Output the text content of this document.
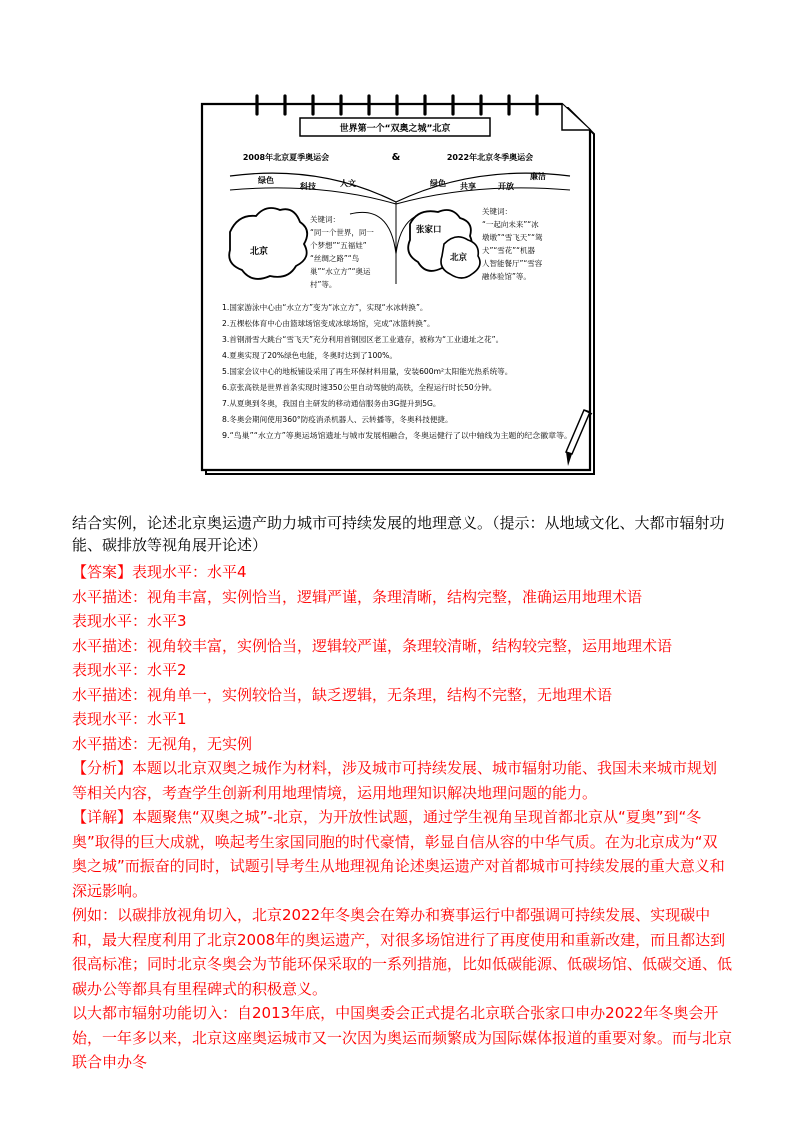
世界第一个“双奥之城”北京
2008年北京夏季奥运会	&	2022年北京冬季奥运会
绿色
科技	人文	绿色 共享	开放
廉洁
北京
关键词：
“同一个世界，同一
个梦想”“五福娃”
“丝绸之路”“鸟
巢”“水立方”“奥运
村”等。
张家口
北京
关键词：
“一起向未来”“冰
墩墩”“雪飞天”“鸳
犬”“雪花”“机器
人智能餐厅”“雪容
融体验馆”等。
1.国家游泳中心由“水立方”变为“冰立方”，实现“水冰转换”。
2.五棵松体育中心由篮球场馆变成冰球场馆，完成“冰篮转换”。
3.首钢滑雪大跳台“雪飞天”充分利用首钢园区老工业遗存，被称为“工业遗址之花”。
4.夏奥实现了20%绿色电能，冬奥时达到了100%。
5.国家会议中心的地板铺设采用了再生环保材料用量，安装600m²太阳能光热系统等。
6.京张高铁是世界首条实现时速350公里自动驾驶的高铁，全程运行时长50分钟。
7.从夏奥到冬奥，我国自主研发的移动通信服务由3G提升到5G。
8.冬奥会期间使用360°防疫消杀机器人、云转播等，冬奥科技便捷。
9.“鸟巢”“水立方”等奥运场馆遗址与城市发展相融合，冬奥运健行了以中轴线为主题的纪念徽章等。
结合实例，论述北京奥运遗产助力城市可持续发展的地理意义。（提示：从地域文化、大都市辐射功能、碳排放等视角展开论述）
【答案】表现水平：水平4
水平描述：视角丰富，实例恰当，逻辑严谨，条理清晰，结构完整，准确运用地理术语
表现水平：水平3
水平描述：视角较丰富，实例恰当，逻辑较严谨，条理较清晰，结构较完整，运用地理术语
表现水平：水平2
水平描述：视角单一，实例较恰当，缺乏逻辑，无条理，结构不完整，无地理术语
表现水平：水平1
水平描述：无视角，无实例
【分析】本题以北京双奥之城作为材料，涉及城市可持续发展、城市辐射功能、我国未来城市规划等相关内容，考查学生创新利用地理情境，运用地理知识解决地理问题的能力。
【详解】本题聚焦“双奥之城”-北京，为开放性试题，通过学生视角呈现首都北京从“夏奥”到“冬奥”取得的巨大成就，唤起考生家国同胞的时代豪情，彰显自信从容的中华气质。在为北京成为“双奥之城”而振奋的同时，试题引导考生从地理视角论述奥运遗产对首都城市可持续发展的重大意义和深远影响。
例如：以碳排放视角切入，北京2022年冬奥会在筹办和赛事运行中都强调可持续发展、实现碳中和，最大程度利用了北京2008年的奥运遗产，对很多场馆进行了再度使用和重新改建，而且都达到很高标准；同时北京冬奥会为节能环保采取的一系列措施，比如低碳能源、低碳场馆、低碳交通、低碳办公等都具有里程碑式的积极意义。
以大都市辐射功能切入：自2013年底，中国奥委会正式提名北京联合张家口申办2022年冬奥会开始，一年多以来，北京这座奥运城市又一次因为奥运而频繁成为国际媒体报道的重要对象。而与北京联合申办冬
